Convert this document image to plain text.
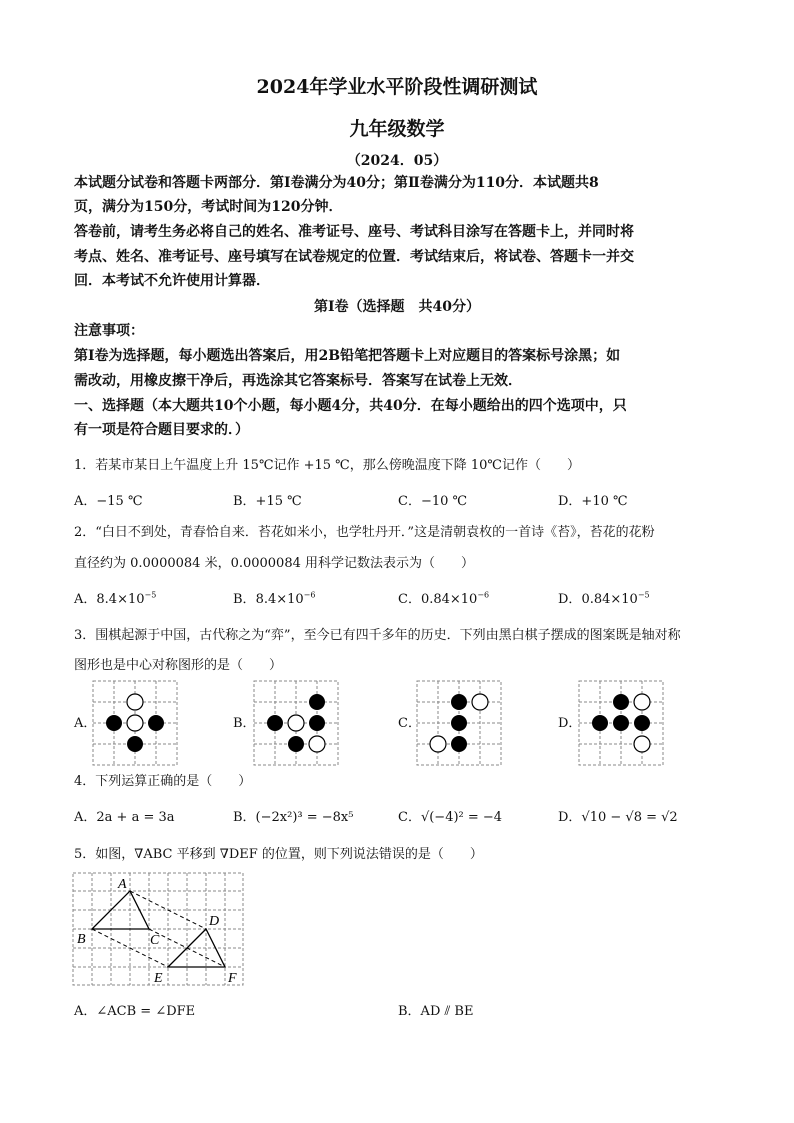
2024年学业水平阶段性调研测试
九年级数学
（2024．05）
本试题分试卷和答题卡两部分．第Ⅰ卷满分为40分；第Ⅱ卷满分为110分．本试题共8
页，满分为150分，考试时间为120分钟．
答卷前，请考生务必将自己的姓名、准考证号、座号、考试科目涂写在答题卡上，并同时将
考点、姓名、准考证号、座号填写在试卷规定的位置．考试结束后，将试卷、答题卡一并交
回．本考试不允许使用计算器．
第Ⅰ卷（选择题　共40分）
注意事项：
第Ⅰ卷为选择题，每小题选出答案后，用2B铅笔把答题卡上对应题目的答案标号涂黑；如
需改动，用橡皮擦干净后，再选涂其它答案标号．答案写在试卷上无效．
一、选择题（本大题共10个小题，每小题4分，共40分．在每小题给出的四个选项中，只
有一项是符合题目要求的．）
1．若某市某日上午温度上升 15℃记作 +15 ℃，那么傍晚温度下降 10℃记作（　　）
A．−15 ℃	B．+15 ℃	C．−10 ℃	D．+10 ℃
2．“白日不到处，青春恰自来．苔花如米小，也学牡丹开．”这是清朝袁枚的一首诗《苔》，苔花的花粉
直径约为 0.0000084 米，0.0000084 用科学记数法表示为（　　）
A．$8.4\times 10^{-5}$	B．$8.4\times 10^{-6}$	C．$0.84\times 10^{-6}$	D．$0.84\times 10^{-5}$
3．围棋起源于中国，古代称之为“弈”，至今已有四千多年的历史．下列由黑白棋子摆成的图案既是轴对称
图形也是中心对称图形的是（　　）
A．	B．	C．	D．
4．下列运算正确的是（　　）
A．2a + a = 3a	B．(−2x²)³ = −8x⁵	C．√(−4)² = −4	D．√10 − √8 = √2
5．如图，∇ABC 平移到 ∇DEF 的位置，则下列说法错误的是（　　）
A
B	C
D
E	F
A．∠ACB = ∠DFE	B．AD ⫽ BE
